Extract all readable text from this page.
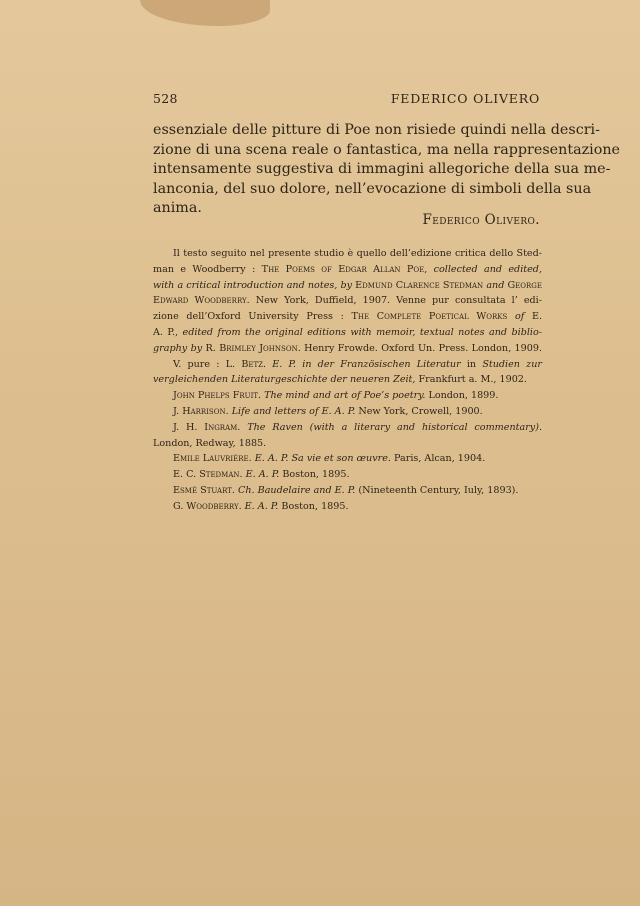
528	FEDERICO OLIVERO
essenziale delle pitture di Poe non risiede quindi nella descri-
zione di una scena reale o fantastica, ma nella rappresentazione
intensamente suggestiva di immagini allegoriche della sua me-
lanconia, del suo dolore, nell’evocazione di simboli della sua
anima.
Federico Olivero.
Il testo seguito nel presente studio è quello dell’edizione critica dello Sted-
man e Woodberry : The Poems of Edgar Allan Poe, collected and edited,
with a critical introduction and notes, by Edmund Clarence Stedman and George
Edward Woodberry. New York, Duffield, 1907. Venne pur consultata l’ edi-
zione dell’Oxford University Press : The Complete Poetical Works of E.
A. P., edited from the original editions with memoir, textual notes and biblio-
graphy by R. Brimley Johnson. Henry Frowde. Oxford Un. Press. London, 1909.
V. pure : L. Betz. E. P. in der Französischen Literatur in Studien zur
vergleichenden Literaturgeschichte der neueren Zeit, Frankfurt a. M., 1902.
John Phelps Fruit. The mind and art of Poe’s poetry. London, 1899.
J. Harrison. Life and letters of E. A. P. New York, Crowell, 1900.
J. H. Ingram. The Raven (with a literary and historical commentary).
London, Redway, 1885.
Emile Lauvrière. E. A. P. Sa vie et son œuvre. Paris, Alcan, 1904.
E. C. Stedman. E. A. P. Boston, 1895.
Esmé Stuart. Ch. Baudelaire and E. P. (Nineteenth Century, Iuly, 1893).
G. Woodberry. E. A. P. Boston, 1895.
